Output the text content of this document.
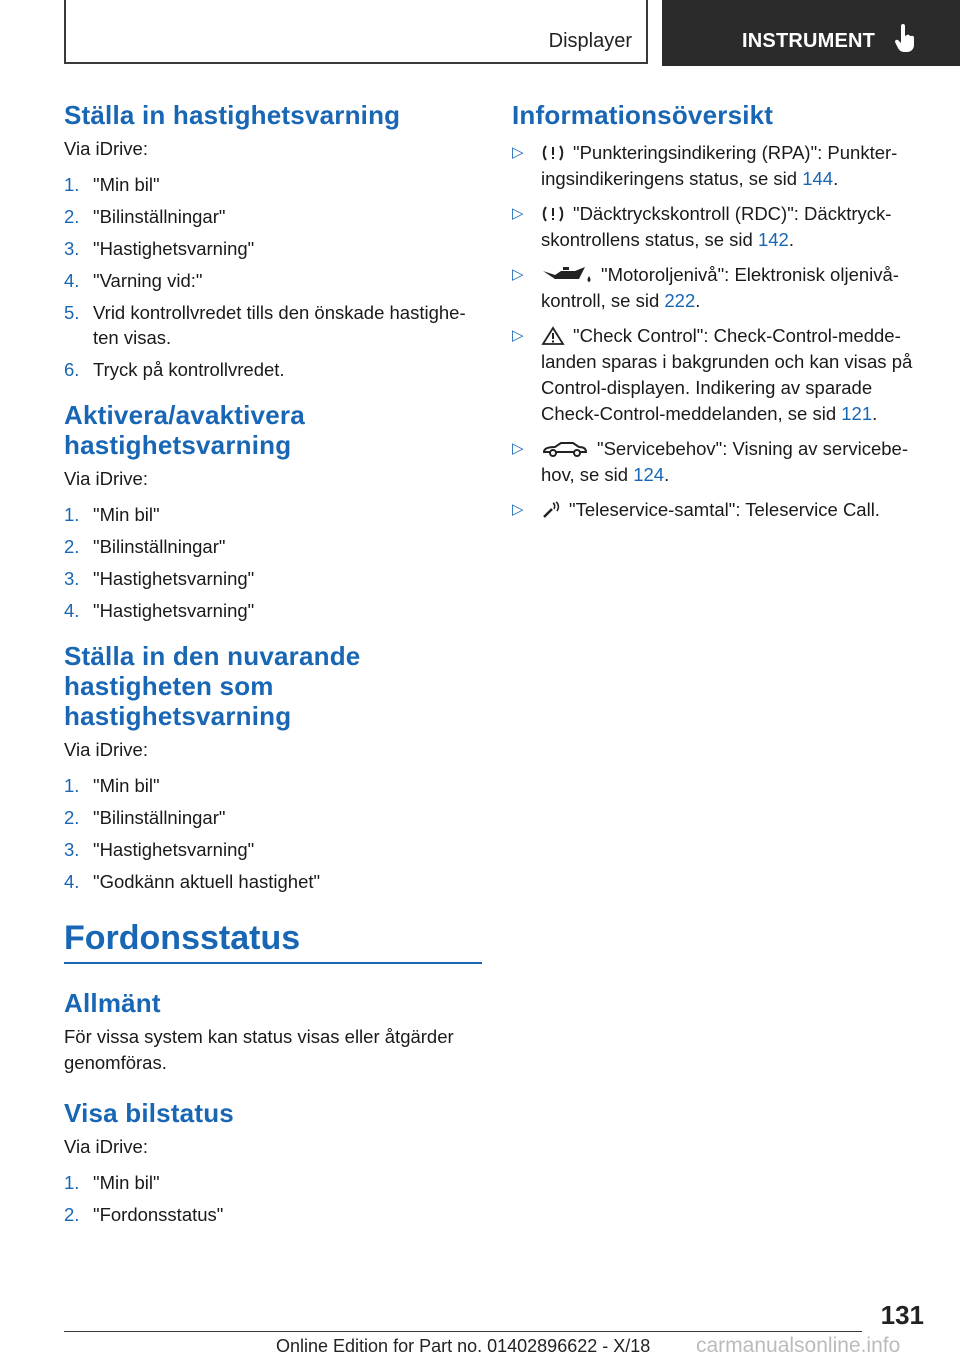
Displayer	INSTRUMENT
Ställa in hastighetsvarning

Via iDrive:

1. "Min bil"
2. "Bilinställningar"
3. "Hastighetsvarning"
4. "Varning vid:"
5. Vrid kontrollvredet tills den önskade hastighe-ten visas.
6. Tryck på kontrollvredet.
Aktivera/avaktivera
hastighetsvarning

Via iDrive:

1. "Min bil"
2. "Bilinställningar"
3. "Hastighetsvarning"
4. "Hastighetsvarning"
Ställa in den nuvarande
hastigheten som
hastighetsvarning

Via iDrive:

1. "Min bil"
2. "Bilinställningar"
3. "Hastighetsvarning"
4. "Godkänn aktuell hastighet"
Fordonsstatus
Allmänt

För vissa system kan status visas eller åtgärder genomföras.

Visa bilstatus

Via iDrive:

1. "Min bil"
2. "Fordonsstatus"
Informationsöversikt
▷	"Punkteringsindikering (RPA)": Punkter-ingsindikeringens status, se sid 144.
▷	"Däcktryckskontroll (RDC)": Däcktryck-skontrollens status, se sid 142.
▷	"Motoroljenivå": Elektronisk oljenivå-kontroll, se sid 222.
▷	"Check Control": Check-Control-medde-landen sparas i bakgrunden och kan visas på Control-displayen. Indikering av sparade Check-Control-meddelanden, se sid 121.
▷	"Servicebehov": Visning av servicebe-hov, se sid 124.
▷ "Teleservice-samtal": Teleservice Call.
131
Online Edition for Part no. 01402896622 - X/18 carmanualsonline.info
